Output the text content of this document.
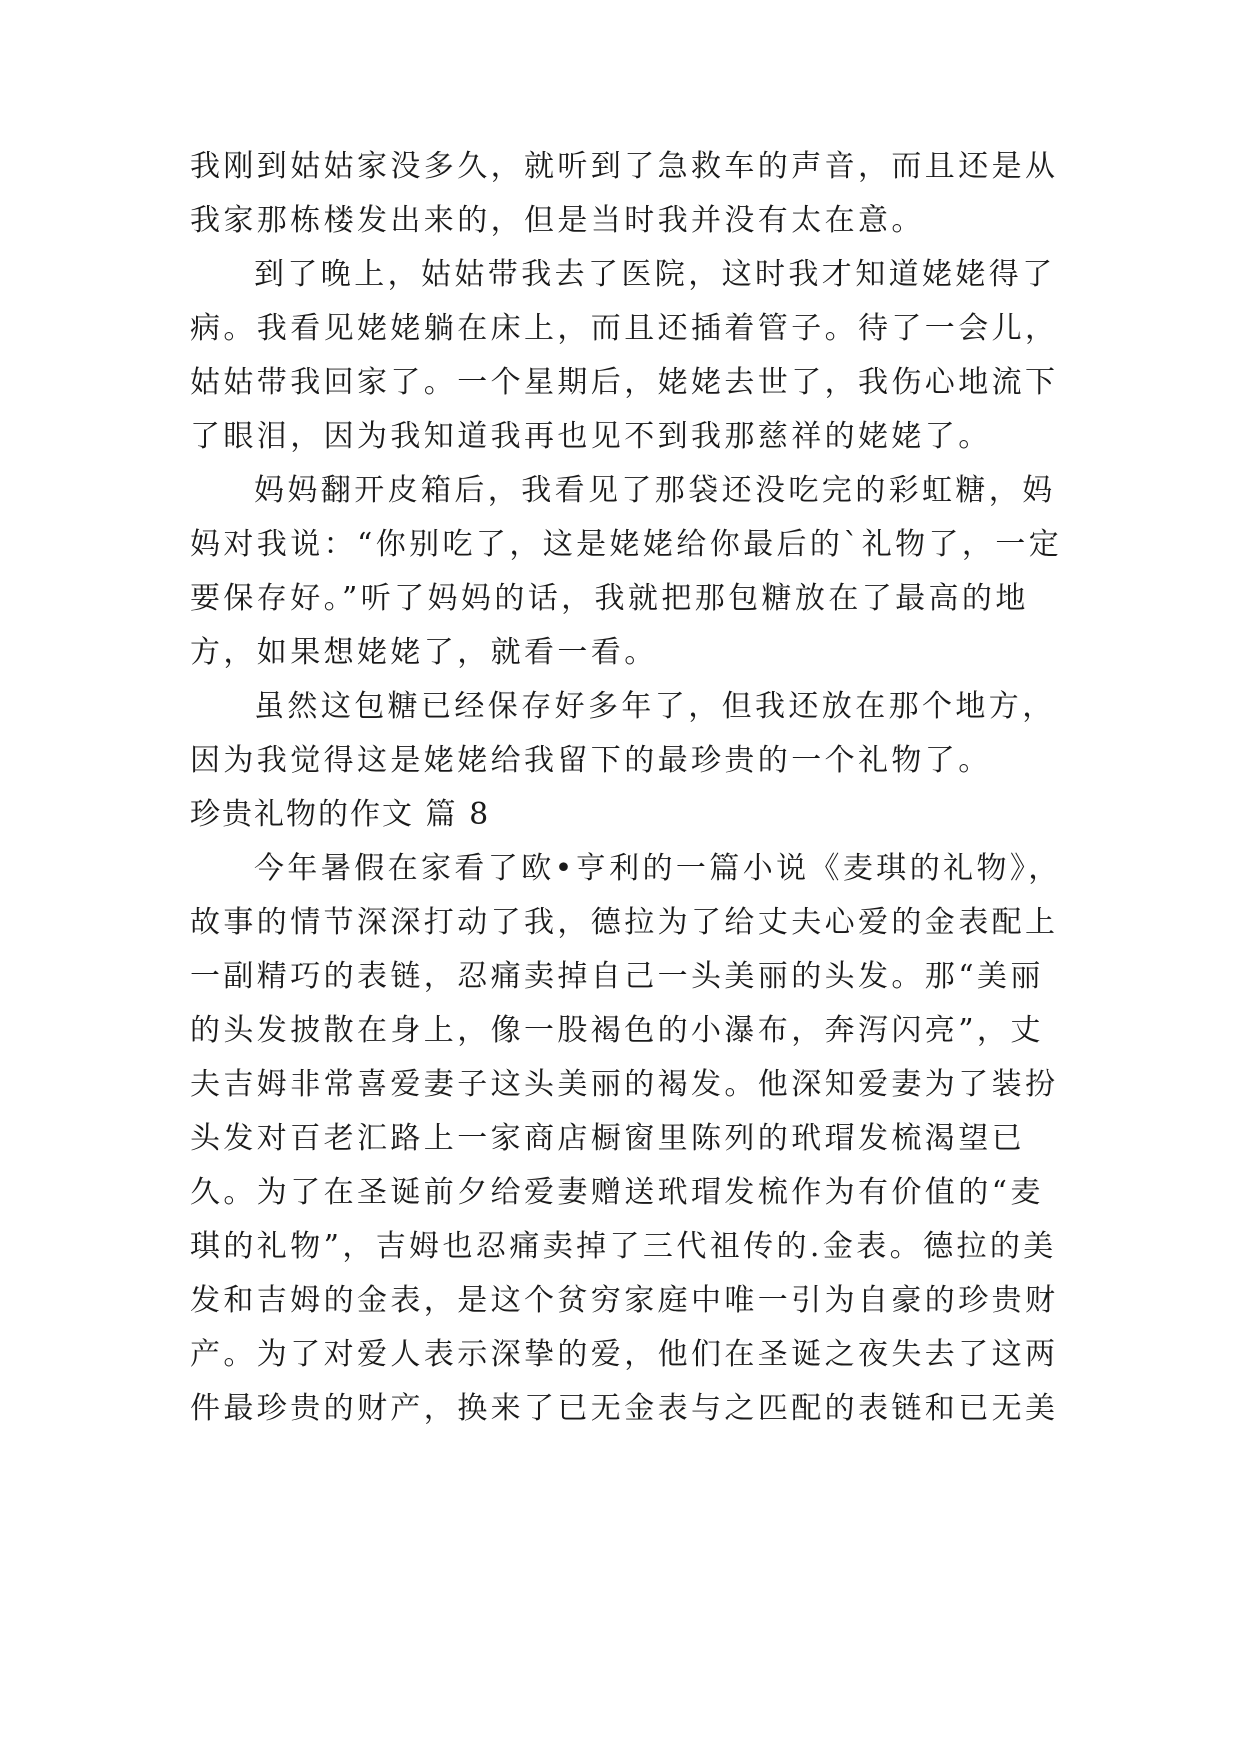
我刚到姑姑家没多久，就听到了急救车的声音，而且还是从
我家那栋楼发出来的，但是当时我并没有太在意。
到了晚上，姑姑带我去了医院，这时我才知道姥姥得了
病。我看见姥姥躺在床上，而且还插着管子。待了一会儿，
姑姑带我回家了。一个星期后，姥姥去世了，我伤心地流下
了眼泪，因为我知道我再也见不到我那慈祥的姥姥了。
妈妈翻开皮箱后，我看见了那袋还没吃完的彩虹糖，妈
妈对我说：“你别吃了，这是姥姥给你最后的`礼物了，一定
要保存好。”听了妈妈的话，我就把那包糖放在了最高的地
方，如果想姥姥了，就看一看。
虽然这包糖已经保存好多年了，但我还放在那个地方，
因为我觉得这是姥姥给我留下的最珍贵的一个礼物了。
珍贵礼物的作文 篇 8
今年暑假在家看了欧•亨利的一篇小说《麦琪的礼物》，
故事的情节深深打动了我，德拉为了给丈夫心爱的金表配上
一副精巧的表链，忍痛卖掉自己一头美丽的头发。那“美丽
的头发披散在身上，像一股褐色的小瀑布，奔泻闪亮”，丈
夫吉姆非常喜爱妻子这头美丽的褐发。他深知爱妻为了装扮
头发对百老汇路上一家商店橱窗里陈列的玳瑁发梳渴望已
久。为了在圣诞前夕给爱妻赠送玳瑁发梳作为有价值的“麦
琪的礼物”，吉姆也忍痛卖掉了三代祖传的.金表。德拉的美
发和吉姆的金表，是这个贫穷家庭中唯一引为自豪的珍贵财
产。为了对爱人表示深挚的爱，他们在圣诞之夜失去了这两
件最珍贵的财产，换来了已无金表与之匹配的表链和已无美
